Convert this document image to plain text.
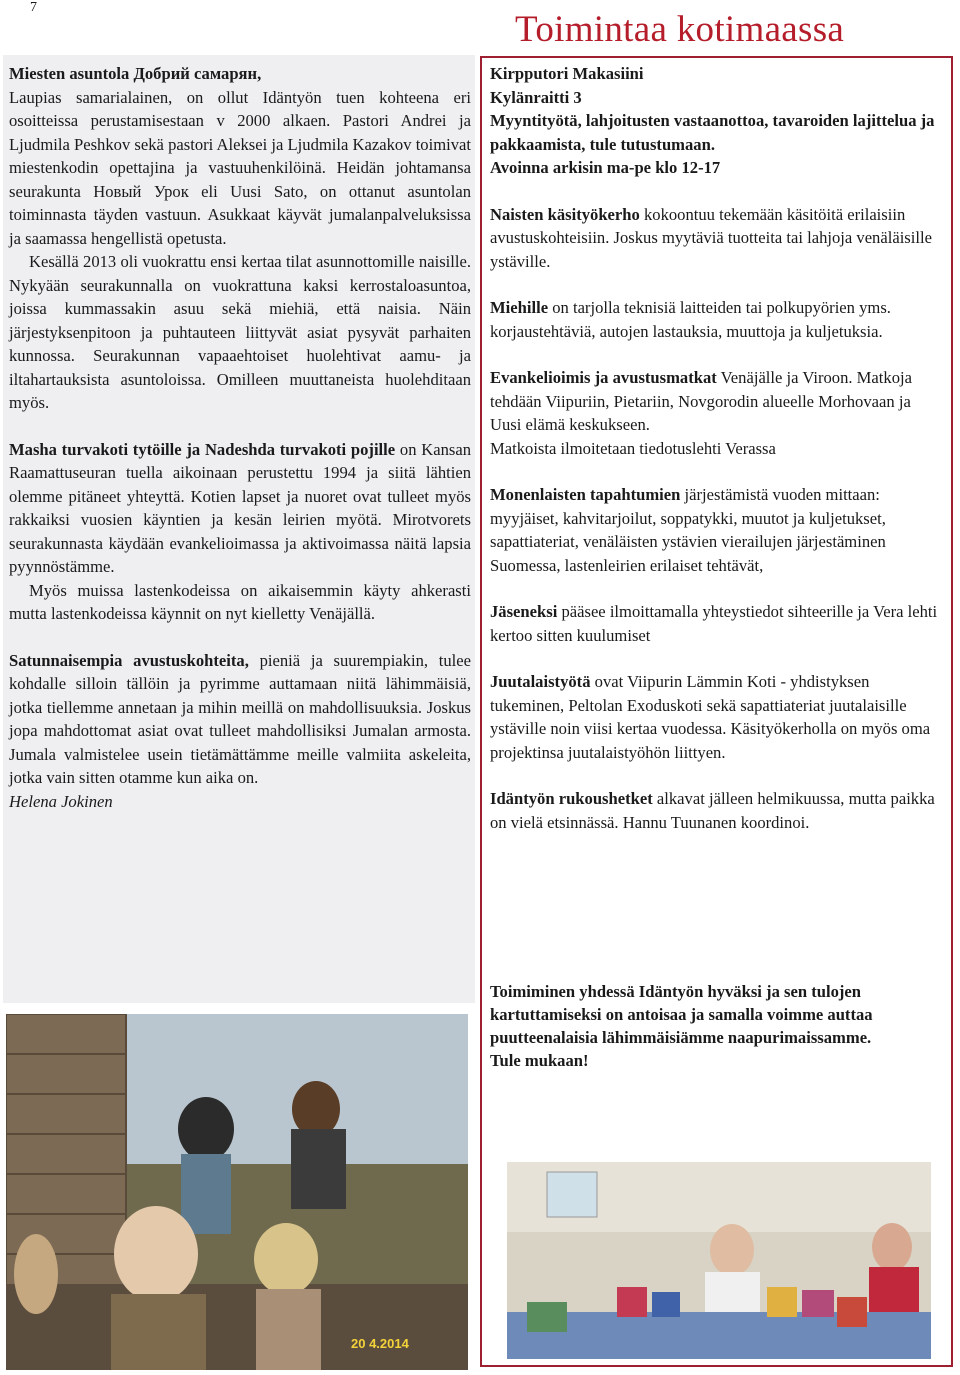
7
Toimintaa kotimaassa

Miesten asuntola Добрий самарян,
Laupias samarialainen, on ollut Idäntyön tuen kohteena eri osoitteissa perustamisestaan v 2000 alkaen. Pastori Andrei ja Ljudmila Peshkov sekä pastori Aleksei ja Ljudmila Kazakov toimivat miestenkodin opettajina ja vastuuhenkilöinä. Heidän johtamansa seurakunta Новый Урок eli Uusi Sato, on ottanut asuntolan toiminnasta täyden vastuun. Asukkaat käyvät jumalanpalveluksissa ja saamassa hengellistä opetusta.

Kesällä 2013 oli vuokrattu ensi kertaa tilat asunnottomille naisille. Nykyään seurakunnalla on vuokrattuna kaksi kerrostaloasuntoa, joissa kummassakin asuu sekä miehiä, että naisia. Näin järjestyksenpitoon ja puhtauteen liittyvät asiat pysyvät parhaiten kunnossa. Seurakunnan vapaaehtoiset huolehtivat aamu- ja iltahartauksista asuntoloissa. Omilleen muuttaneista huolehditaan myös.

Masha turvakoti tytöille ja Nadeshda turvakoti pojille on Kansan Raamattuseuran tuella aikoinaan perustettu 1994 ja siitä lähtien olemme pitäneet yhteyttä. Kotien lapset ja nuoret ovat tulleet myös rakkaiksi vuosien käyntien ja kesän leirien myötä. Mirotvorets seurakunnasta käydään evankelioimassa ja aktivoimassa näitä lapsia pyynnöstämme.

Myös muissa lastenkodeissa on aikaisemmin käyty ahkerasti mutta lastenkodeissa käynnit on nyt kielletty Venäjällä.

Satunnaisempia avustuskohteita, pieniä ja suurempiakin, tulee kohdalle silloin tällöin ja pyrimme auttamaan niitä lähimmäisiä, jotka tiellemme annetaan ja mihin meillä on mahdollisuuksia. Joskus jopa mahdottomat asiat ovat tulleet mahdollisiksi Jumalan armosta. Jumala valmistelee usein tietämättämme meille valmiita askeleita, jotka vain sitten otamme kun aika on.

Helena Jokinen

Kirpputori Makasiini
Kylänraitti 3
Myyntityötä, lahjoitusten vastaanottoa, tavaroiden lajittelua ja pakkaamista, tule tutustumaan.
Avoinna arkisin ma-pe klo 12-17

Naisten käsityökerho kokoontuu tekemään käsitöitä erilaisiin avustuskohteisiin. Joskus myytäviä tuotteita tai lahjoja venäläisille ystäville.

Miehille on tarjolla teknisiä laitteiden tai polkupyörien yms. korjaustehtäviä, autojen lastauksia, muuttoja ja kuljetuksia.

Evankelioimis ja avustusmatkat Venäjälle ja Viroon. Matkoja tehdään Viipuriin, Pietariin, Novgorodin alueelle Morhovaan ja Uusi elämä keskukseen.
Matkoista ilmoitetaan tiedotuslehti Verassa

Monenlaisten tapahtumien järjestämistä vuoden mittaan: myyjäiset, kahvitarjoilut, soppatykki, muutot ja kuljetukset, sapattiateriat, venäläisten ystävien vierailujen järjestäminen Suomessa, lastenleirien erilaiset tehtävät,

Jäseneksi pääsee ilmoittamalla yhteystiedot sihteerille ja Vera lehti kertoo sitten kuulumiset

Juutalaistyötä ovat Viipurin Lämmin Koti - yhdistyksen tukeminen, Peltolan Exoduskoti sekä sapattiateriat juutalaisille ystäville noin viisi kertaa vuodessa. Käsityökerholla on myös oma projektinsa juutalaistyöhön liittyen.

Idäntyön rukoushetket alkavat jälleen helmikuussa, mutta paikka on vielä etsinnässä. Hannu Tuunanen koordinoi.

Toimiminen yhdessä Idäntyön hyväksi ja sen tulojen kartuttamiseksi on antoisaa ja samalla voimme auttaa puutteenalaisia lähimmäisiämme naapurimaissamme.

Tule mukaan!

20 4.2014
